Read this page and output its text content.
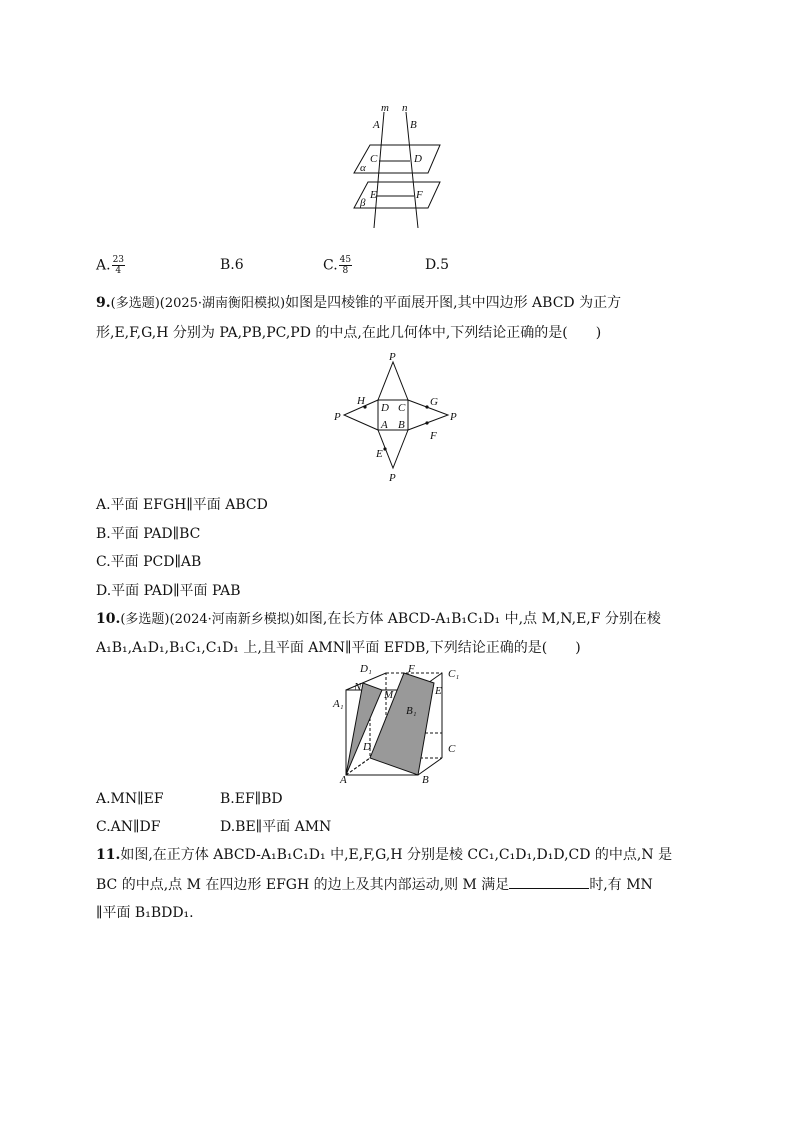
m n
A	B
C	D
α
E	F
β
A. $\frac{23}{4}$	B.6	C. $\frac{45}{8}$	D.5
9.(多选题)(2025·湖南衡阳模拟)如图是四棱锥的平面展开图,其中四边形 ABCD 为正方
形,E,F,G,H 分别为 PA,PB,PC,PD 的中点,在此几何体中,下列结论正确的是(　　)
P
P	P
P
H	G
D C
A B
E
F
A.平面 EFGH∥平面 ABCD
B.平面 PAD∥BC
C.平面 PCD∥AB
D.平面 PAD∥平面 PAB
10.(多选题)(2024·河南新乡模拟)如图,在长方体 ABCD-A₁B₁C₁D₁ 中,点 M,N,E,F 分别在棱
A₁B₁,A₁D₁,B₁C₁,C₁D₁ 上,且平面 AMN∥平面 EFDB,下列结论正确的是(　　)
D₁	C₁
N
M
F
E
A₁
B₁
D	C
A	B
A.MN∥EF	B.EF∥BD
C.AN∥DF	D.BE∥平面 AMN
11.如图,在正方体 ABCD-A₁B₁C₁D₁ 中,E,F,G,H 分别是棱 CC₁,C₁D₁,D₁D,CD 的中点,N 是
BC 的中点,点 M 在四边形 EFGH 的边上及其内部运动,则 M 满足	时,有 MN
∥平面 B₁BDD₁.
